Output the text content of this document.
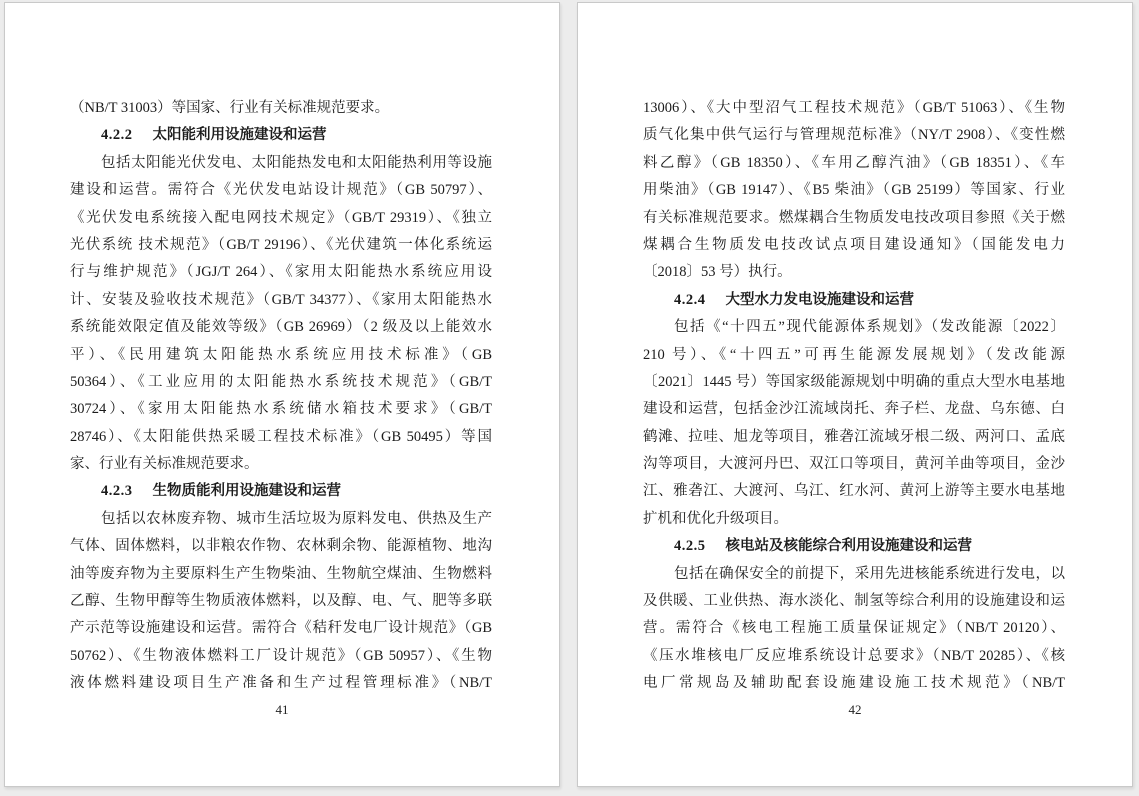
（NB/T 31003）等国家、行业有关标准规范要求。
4.2.2 太阳能利用设施建设和运营
包括太阳能光伏发电、太阳能热发电和太阳能热利用等设施
建设和运营。需符合《光伏发电站设计规范》（GB 50797）、
《光伏发电系统接入配电网技术规定》（GB/T 29319）、《独立
光伏系统 技术规范》（GB/T 29196）、《光伏建筑一体化系统运
行与维护规范》（JGJ/T 264）、《家用太阳能热水系统应用设
计、安装及验收技术规范》（GB/T 34377）、《家用太阳能热水
系统能效限定值及能效等级》（GB 26969）（2 级及以上能效水
平）、《民用建筑太阳能热水系统应用技术标准》（GB
50364）、《工业应用的太阳能热水系统技术规范》（GB/T
30724）、《家用太阳能热水系统储水箱技术要求》（GB/T
28746）、《太阳能供热采暖工程技术标准》（GB 50495）等国
家、行业有关标准规范要求。
4.2.3 生物质能利用设施建设和运营
包括以农林废弃物、城市生活垃圾为原料发电、供热及生产
气体、固体燃料，以非粮农作物、农林剩余物、能源植物、地沟
油等废弃物为主要原料生产生物柴油、生物航空煤油、生物燃料
乙醇、生物甲醇等生物质液体燃料，以及醇、电、气、肥等多联
产示范等设施建设和运营。需符合《秸秆发电厂设计规范》（GB
50762）、《生物液体燃料工厂设计规范》（GB 50957）、《生物
液体燃料建设项目生产准备和生产过程管理标准》（NB/T
41
13006）、《大中型沼气工程技术规范》（GB/T 51063）、《生物
质气化集中供气运行与管理规范标准》（NY/T 2908）、《变性燃
料乙醇》（GB 18350）、《车用乙醇汽油》（GB 18351）、《车
用柴油》（GB 19147）、《B5 柴油》（GB 25199）等国家、行业
有关标准规范要求。燃煤耦合生物质发电技改项目参照《关于燃
煤耦合生物质发电技改试点项目建设通知》（国能发电力
〔2018〕53 号）执行。
4.2.4 大型水力发电设施建设和运营
包括《“十四五”现代能源体系规划》（发改能源〔2022〕
210 号）、《“十四五”可再生能源发展规划》（发改能源
〔2021〕1445 号）等国家级能源规划中明确的重点大型水电基地
建设和运营，包括金沙江流域岗托、奔子栏、龙盘、乌东德、白
鹤滩、拉哇、旭龙等项目，雅砻江流域牙根二级、两河口、孟底
沟等项目，大渡河丹巴、双江口等项目，黄河羊曲等项目，金沙
江、雅砻江、大渡河、乌江、红水河、黄河上游等主要水电基地
扩机和优化升级项目。
4.2.5 核电站及核能综合利用设施建设和运营
包括在确保安全的前提下，采用先进核能系统进行发电，以
及供暖、工业供热、海水淡化、制氢等综合利用的设施建设和运
营。需符合《核电工程施工质量保证规定》（NB/T 20120）、
《压水堆核电厂反应堆系统设计总要求》（NB/T 20285）、《核
电厂常规岛及辅助配套设施建设施工技术规范》（NB/T
42
